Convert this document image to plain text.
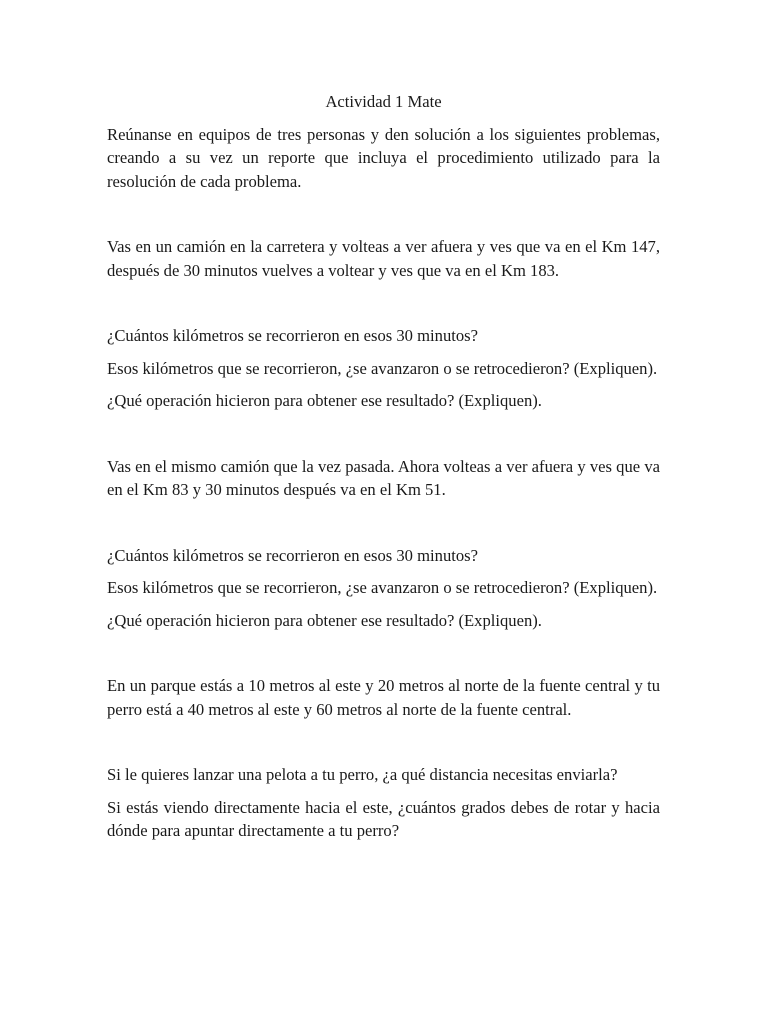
Actividad 1 Mate

Reúnanse en equipos de tres personas y den solución a los siguientes problemas, creando a su vez un reporte que incluya el procedimiento utilizado para la resolución de cada problema.

Vas en un camión en la carretera y volteas a ver afuera y ves que va en el Km 147, después de 30 minutos vuelves a voltear y ves que va en el Km 183.

¿Cuántos kilómetros se recorrieron en esos 30 minutos?

Esos kilómetros que se recorrieron, ¿se avanzaron o se retrocedieron? (Expliquen).

¿Qué operación hicieron para obtener ese resultado? (Expliquen).

Vas en el mismo camión que la vez pasada. Ahora volteas a ver afuera y ves que va en el Km 83 y 30 minutos después va en el Km 51.

¿Cuántos kilómetros se recorrieron en esos 30 minutos?

Esos kilómetros que se recorrieron, ¿se avanzaron o se retrocedieron? (Expliquen).

¿Qué operación hicieron para obtener ese resultado? (Expliquen).

En un parque estás a 10 metros al este y 20 metros al norte de la fuente central y tu perro está a 40 metros al este y 60 metros al norte de la fuente central.

Si le quieres lanzar una pelota a tu perro, ¿a qué distancia necesitas enviarla?

Si estás viendo directamente hacia el este, ¿cuántos grados debes de rotar y hacia dónde para apuntar directamente a tu perro?
